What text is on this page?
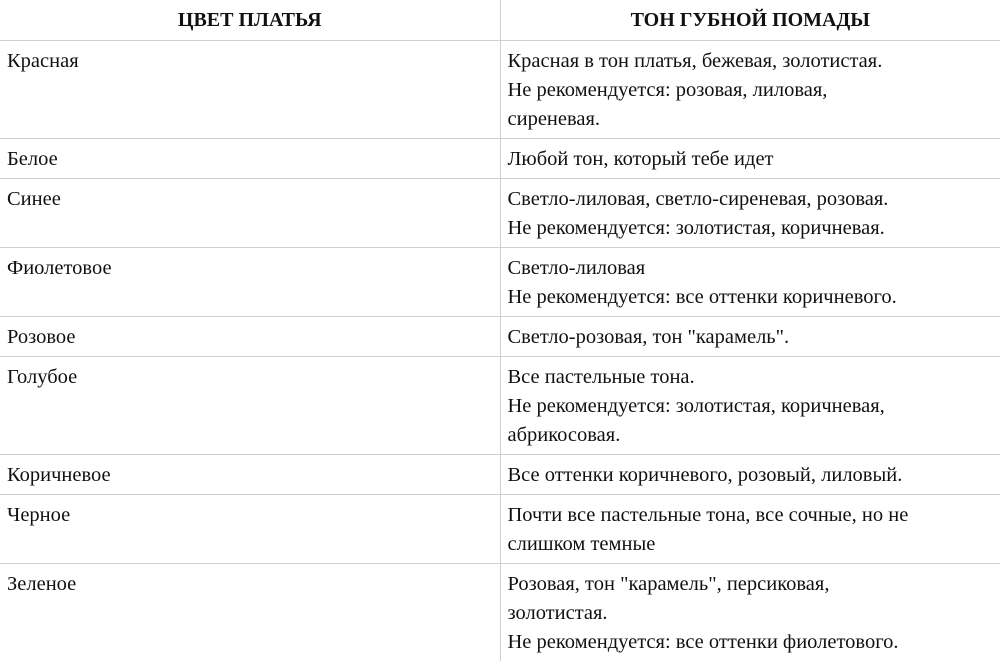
ЦВЕТ ПЛАТЬЯ	ТОН ГУБНОЙ ПОМАДЫ
Красная	Красная в тон платья, бежевая, золотистая.
Не рекомендуется: розовая, лиловая,
сиреневая.

Белое	Любой тон, который тебе идет

Синее	Светло-лиловая, светло-сиреневая, розовая.
Не рекомендуется: золотистая, коричневая.

Фиолетовое	Светло-лиловая
Не рекомендуется: все оттенки коричневого.

Розовое	Светло-розовая, тон "карамель".

Голубое	Все пастельные тона.
Не рекомендуется: золотистая, коричневая,
абрикосовая.

Коричневое	Все оттенки коричневого, розовый, лиловый.

Черное	Почти все пастельные тона, все сочные, но не
слишком темные

Зеленое	Розовая, тон "карамель", персиковая,
золотистая.
Не рекомендуется: все оттенки фиолетового.
